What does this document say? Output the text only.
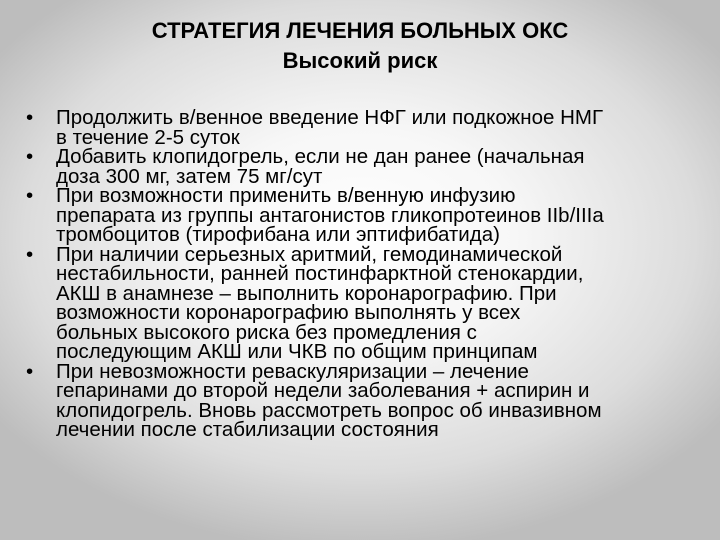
СТРАТЕГИЯ ЛЕЧЕНИЯ БОЛЬНЫХ ОКС
Высокий риск
•	Продолжить в/венное введение НФГ или подкожное НМГ
в течение 2-5 суток
•	Добавить клопидогрель, если не дан ранее (начальная
доза 300 мг, затем 75 мг/сут
•	При возможности применить в/венную инфузию
препарата из группы антагонистов гликопротеинов IIb/IIIa
тромбоцитов (тирофибана или эптифибатида)
•	При наличии серьезных аритмий, гемодинамической
нестабильности, ранней постинфарктной стенокардии,
АКШ в анамнезе – выполнить коронарографию. При
возможности коронарографию выполнять у всех
больных высокого риска без промедления с
последующим АКШ или ЧКВ по общим принципам
•	При невозможности реваскуляризации – лечение
гепаринами до второй недели заболевания + аспирин и
клопидогрель. Вновь рассмотреть вопрос об инвазивном
лечении после стабилизации состояния
